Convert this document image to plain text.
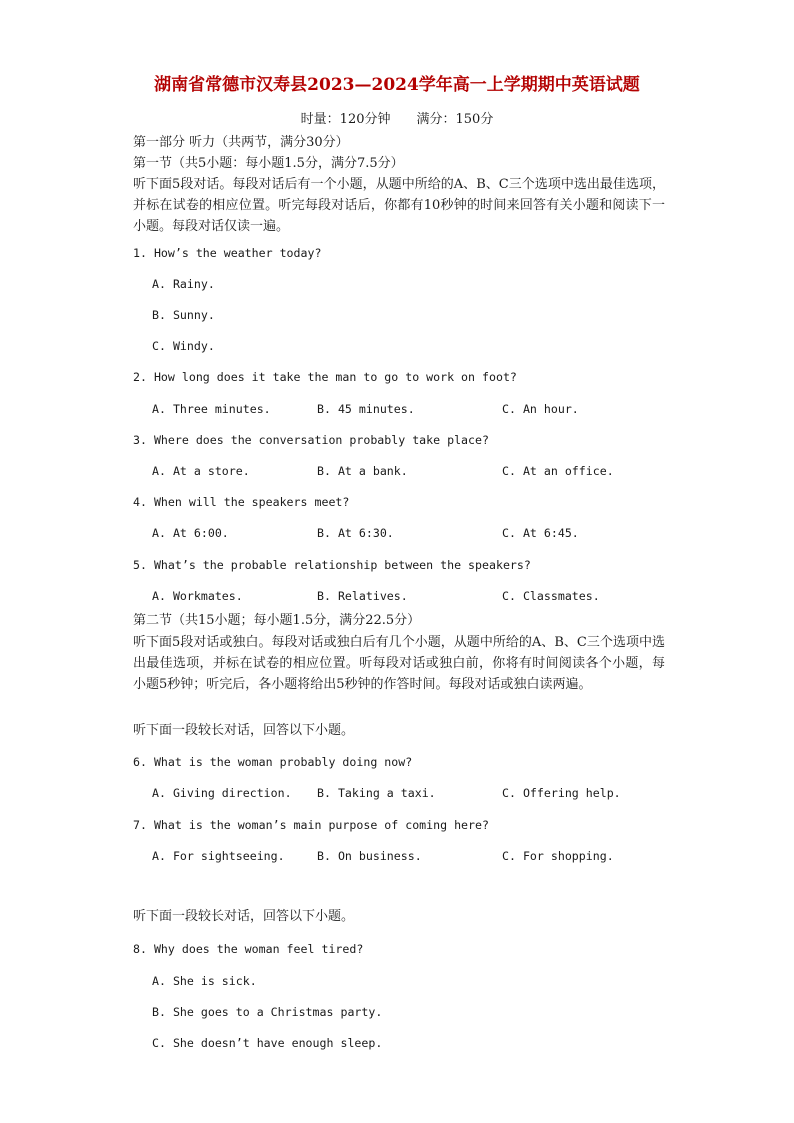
湖南省常德市汉寿县2023—2024学年高一上学期期中英语试题
时量：120分钟 满分：150分
第一部分 听力（共两节，满分30分）
第一节（共5小题：每小题1.5分，满分7.5分）
听下面5段对话。每段对话后有一个小题，从题中所给的A、B、C三个选项中选出最佳选项，并标在试卷的相应位置。听完每段对话后，你都有10秒钟的时间来回答有关小题和阅读下一小题。每段对话仅读一遍。
1. How’s the weather today?
A. Rainy.
B. Sunny.
C. Windy.
2. How long does it take the man to go to work on foot?
A. Three minutes.	B. 45 minutes.	C. An hour.
3. Where does the conversation probably take place?
A. At a store.	B. At a bank.	C. At an office.
4. When will the speakers meet?
A. At 6:00.	B. At 6:30.	C. At 6:45.
5. What’s the probable relationship between the speakers?
A. Workmates.	B. Relatives.	C. Classmates.
第二节（共15小题；每小题1.5分，满分22.5分）
听下面5段对话或独白。每段对话或独白后有几个小题，从题中所给的A、B、C三个选项中选出最佳选项，并标在试卷的相应位置。听每段对话或独白前，你将有时间阅读各个小题，每小题5秒钟；听完后，各小题将给出5秒钟的作答时间。每段对话或独白读两遍。
听下面一段较长对话，回答以下小题。
6. What is the woman probably doing now?
A. Giving direction. B. Taking a taxi.	C. Offering help.
7. What is the woman’s main purpose of coming here?
A. For sightseeing.	B. On business.	C. For shopping.
听下面一段较长对话，回答以下小题。
8. Why does the woman feel tired?
A. She is sick.
B. She goes to a Christmas party.
C. She doesn’t have enough sleep.
